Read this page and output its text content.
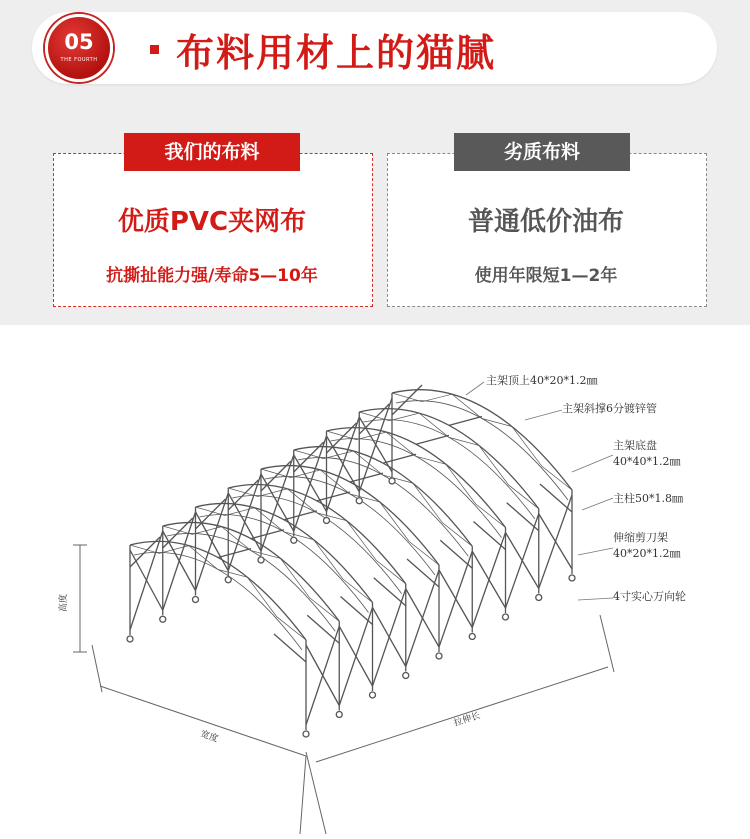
05
THE FOURTH	布料用材上的猫腻
我们的布料
优质PVC夹网布
抗撕扯能力强/寿命5—10年
劣质布料
普通低价油布
使用年限短1—2年
主架顶上40*20*1.2㎜
主架斜撑6分镀锌管
主架底盘
40*40*1.2㎜
主柱50*1.8㎜
伸缩剪刀架
40*20*1.2㎜
4寸实心万向轮
高度
宽度
拉伸长
